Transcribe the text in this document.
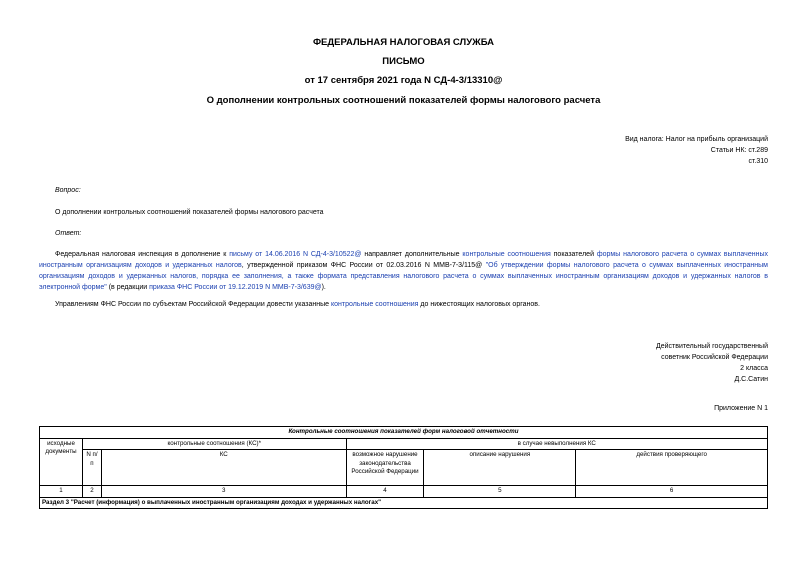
ФЕДЕРАЛЬНАЯ НАЛОГОВАЯ СЛУЖБА
ПИСЬМО
от 17 сентября 2021 года N СД-4-3/13310@
О дополнении контрольных соотношений показателей формы налогового расчета
Вид налога: Налог на прибыль организаций
Статьи НК: ст.289
ст.310
Вопрос:
О дополнении контрольных соотношений показателей формы налогового расчета
Ответ:
Федеральная налоговая инспекция в дополнение к письму от 14.06.2016 N СД-4-3/10522@ направляет дополнительные контрольные соотношения показателей формы налогового расчета о суммах выплаченных иностранным организациям доходов и удержанных налогов, утвержденной приказом ФНС России от 02.03.2016 N ММВ-7-3/115@ "Об утверждении формы налогового расчета о суммах выплаченных иностранным организациям доходов и удержанных налогов, порядка ее заполнения, а также формата представления налогового расчета о суммах выплаченных иностранным организациям доходов и удержанных налогов в электронной форме" (в редакции приказа ФНС России от 19.12.2019 N ММВ-7-3/639@).
Управлениям ФНС России по субъектам Российской Федерации довести указанные контрольные соотношения до нижестоящих налоговых органов.
Действительный государственный
советник Российской Федерации
2 класса
Д.С.Сатин
Приложение N 1
Контрольные соотношения показателей форм налоговой отчетности					
исходные документы	контрольные соотношения (КС)*		в случае невыполнения КС		
	N п/п	КС	возможное нарушение законодательства Российской Федерации	описание нарушения	действия проверяющего
1	2	3	4	5	6
Раздел 3 "Расчет (информация) о выплаченных иностранным организациям доходах и удержанных налогах"					
